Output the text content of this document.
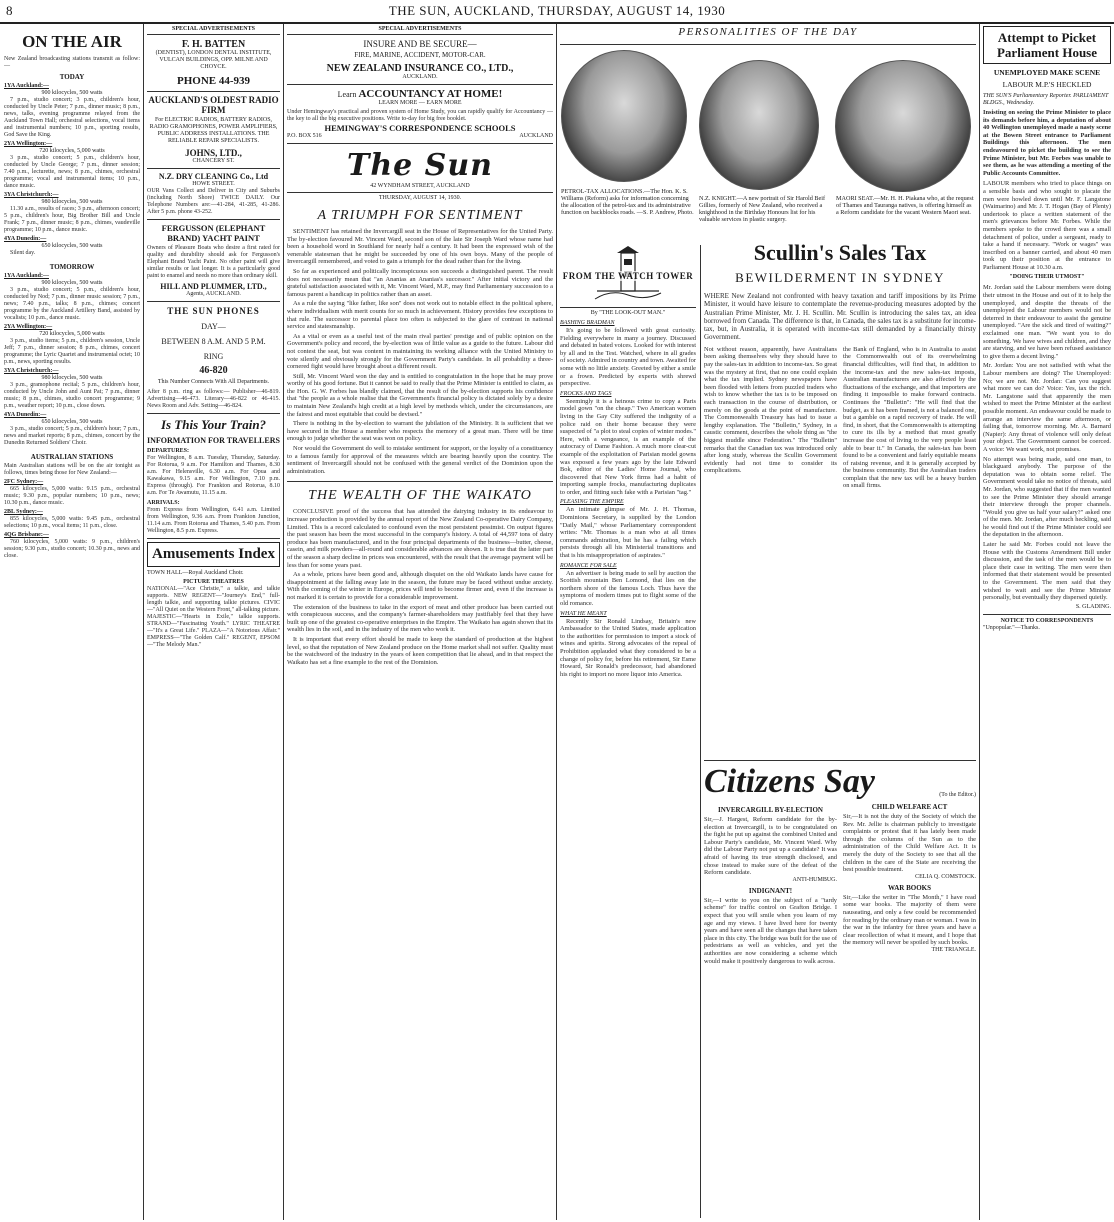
8	THE SUN, AUCKLAND, THURSDAY, AUGUST 14, 1930
ON THE AIR
New Zealand broadcasting stations transmit as follow:—
TODAY
1YA Auckland:—
900 kilocycles, 500 watts

7 p.m., studio concert; 3 p.m., children's hour, conducted by Uncle Peter; 7 p.m., dinner music; 8 p.m., news, talks, evening programme relayed from the Auckland Town Hall; orchestral selections, vocal items and instrumental numbers; 10 p.m., sporting results, God Save the King.

2YA Wellington:—
720 kilocycles, 5,000 watts

3 p.m., studio concert; 5 p.m., children's hour, conducted by Uncle George; 7 p.m., dinner session; 7.40 p.m., lecturette, news; 8 p.m., chimes, orchestral programme; vocal and instrumental items; 10 p.m., dance music.

3YA Christchurch:—
980 kilocycles, 500 watts

11.30 a.m., results of races; 3 p.m., afternoon concert; 5 p.m., children's hour, Big Brother Bill and Uncle Frank; 7 p.m., dinner music; 8 p.m., chimes, vaudeville programme; 10 p.m., dance music.

4YA Dunedin:—
650 kilocycles, 500 watts

Silent day.

TOMORROW
1YA Auckland:—
900 kilocycles, 500 watts

3 p.m., studio concert; 5 p.m., children's hour, conducted by Nod; 7 p.m., dinner music session; 7 p.m., news; 7.40 p.m., talks; 8 p.m., chimes; concert programme by the Auckland Artillery Band, assisted by vocalists; 10 p.m., dance music.

2YA Wellington:—
720 kilocycles, 5,000 watts

3 p.m., studio items; 5 p.m., children's session, Uncle Jeff; 7 p.m., dinner session; 8 p.m., chimes, concert programme; the Lyric Quartet and instrumental octet; 10 p.m., news, sporting results.

3YA Christchurch:—
980 kilocycles, 500 watts

3 p.m., gramophone recital; 5 p.m., children's hour, conducted by Uncle John and Aunt Pat; 7 p.m., dinner music; 8 p.m., chimes, studio concert programme; 9 p.m., weather report; 10 p.m., close down.

4YA Dunedin:—
650 kilocycles, 500 watts

3 p.m., studio concert; 5 p.m., children's hour; 7 p.m., news and market reports; 8 p.m., chimes, concert by the Dunedin Returned Soldiers' Choir.

AUSTRALIAN STATIONS
Main Australian stations will be on the air tonight as follows, times being those for New Zealand:—
2FC Sydney:—

665 kilocycles, 5,000 watts: 9.15 p.m., orchestral music; 9.30 p.m., popular numbers; 10 p.m., news; 10.30 p.m., dance music.

2BL Sydney:—

855 kilocycles, 5,000 watts: 9.45 p.m., orchestral selections; 10 p.m., vocal items; 11 p.m., close.

4QG Brisbane:—

760 kilocycles, 5,000 watts: 9 p.m., children's session; 9.30 p.m., studio concert; 10.30 p.m., news and close.

SPECIAL ADVERTISEMENTS
F. H. BATTEN
(DENTIST), LONDON DENTAL INSTITUTE, VULCAN BUILDINGS, OPP. MILNE AND CHOYCE.
PHONE 44-939
AUCKLAND'S OLDEST RADIO FIRM
For ELECTRIC RADIOS, BATTERY RADIOS, RADIO GRAMOPHONES, POWER AMPLIFIERS, PUBLIC ADDRESS INSTALLATIONS. THE RELIABLE REPAIR SPECIALISTS.
JOHNS, LTD.,
CHANCERY ST.
N.Z. DRY CLEANING Co., Ltd
HOWE STREET.
OUR Vans Collect and Deliver in City and Suburbs (including North Shore) TWICE DAILY. Our Telephone Numbers are:—41-284, 41-285, 41-286. After 5 p.m. phone 43-252.
FERGUSSON (ELEPHANT BRAND) YACHT PAINT
Owners of Pleasure Boats who desire a first rated for quality and durability should ask for Fergusson's Elephant Brand Yacht Paint. No other paint will give similar results or last longer. It is a particularly good paint to enamel and needs no more than ordinary skill.
HILL AND PLUMMER, LTD.,
Agents, AUCKLAND.
THE SUN PHONES
DAY—
BETWEEN 8 A.M. AND 5 P.M.
RING
46-820
This Number Connects With All Departments.
After 8 p.m. ring as follows:— Publisher—46-819. Advertising—46-473. Literary—46-822 or 46-415. News Room and Adv. Setting—46-824.
Is This Your Train?
INFORMATION FOR TRAVELLERS
DEPARTURES:
For Wellington, 8 a.m. Tuesday, Thursday, Saturday. For Rotorua, 9 a.m. For Hamilton and Thames, 8.30 a.m. For Helensville, 6.30 a.m. For Opua and Kawakawa, 9.15 a.m. For Wellington, 7.10 p.m. Express (through). For Frankton and Rotorua, 8.10 a.m. For Te Awamutu, 11.15 a.m.
ARRIVALS:
From Express from Wellington, 6.41 a.m. Limited from Wellington, 9.36 a.m. From Frankton Junction, 11.14 a.m. From Rotorua and Thames, 5.40 p.m. From Wellington, 8.5 p.m. Express.
Amusements Index
TOWN HALL—Royal Auckland Choir.
PICTURE THEATRES
NATIONAL—"Ace Christie," a talkie, and talkie supports. NEW REGENT—"Journey's End," full-length talkie, and supporting talkie pictures. CIVIC—"All Quiet on the Western Front," all-talking picture. MAJESTIC—"Hearts in Exile," talkie supports. STRAND—"Fascinating Youth." LYRIC THEATRE—"It's a Great Life." PLAZA—"A Notorious Affair." EMPRESS—"The Golden Calf." REGENT, EPSOM—"The Melody Man."
SPECIAL ADVERTISEMENTS
INSURE AND BE SECURE—
FIRE, MARINE, ACCIDENT, MOTOR-CAR.
NEW ZEALAND INSURANCE CO., LTD.,
AUCKLAND.
Learn ACCOUNTANCY AT HOME!
LEARN MORE — EARN MORE
Under Hemingway's practical and proven system of Home Study, you can rapidly qualify for Accountancy — the key to all the big executive positions. Write to-day for big free booklet.
HEMINGWAY'S CORRESPONDENCE SCHOOLS
P.O. BOX 516	AUCKLAND
The Sun
42 WYNDHAM STREET, AUCKLAND
THURSDAY, AUGUST 14, 1930.
A TRIUMPH FOR SENTIMENT

SENTIMENT has retained the Invercargill seat in the House of Representatives for the United Party. The by-election favoured Mr. Vincent Ward, second son of the late Sir Joseph Ward whose name had been a household word in Southland for nearly half a century. It had been the expressed wish of the venerable statesman that he might be succeeded by one of his own boys. Many of the people of Invercargill remembered, and voted to gain a triumph for the dead rather than for the living.

So far as experienced and politically inconspicuous son succeeds a distinguished parent. The result does not necessarily mean that "an Ananias an Ananias's successor." After initial victory and the grateful satisfaction associated with it, Mr. Vincent Ward, M.P., may find Parliamentary succession to a famous parent a handicap in politics rather than an asset.

As a rule the saying "like father, like son" does not work out to notable effect in the political sphere, where individualism with merit counts for so much in achievement. History provides few exceptions to that rule. The successor to parental place too often is subjected to the glare of contrast in national service and statesmanship.

As a vital or even as a useful test of the main rival parties' prestige and of public opinion on the Government's policy and record, the by-election was of little value as a guide to the future. Labour did not contest the seat, but was content in maintaining its working alliance with the United Ministry to vote silently and obviously strongly for the Government Party's candidate. In all probability a three-cornered fight would have brought about a different result.

Still, Mr. Vincent Ward won the day and is entitled to congratulation in the hope that he may prove worthy of his good fortune. But it cannot be said to really that the Prime Minister is entitled to claim, as the Hon. G. W. Forbes has blandly claimed, that the result of the by-election supports his confidence that "the people as a whole realise that the Government's financial policy is dictated solely by a desire to maintain New Zealand's high credit at a high level by methods which, under the circumstances, are the fairest and most equitable that could be devised."

There is nothing in the by-election to warrant the jubilation of the Ministry. It is sufficient that we have secured in the House a member who respects the memory of a great man. There will be time enough to judge whether the seat was won on policy.

Nor would the Government do well to mistake sentiment for support, or the loyalty of a constituency to a famous family for approval of the measures which are bearing heavily upon the country. The sentiment of Invercargill should not be confused with the general verdict of the Dominion upon the administration.

THE WEALTH OF THE WAIKATO

CONCLUSIVE proof of the success that has attended the dairying industry in its endeavour to increase production is provided by the annual report of the New Zealand Co-operative Dairy Company, Limited. This is a record calculated to confound even the most persistent pessimist. On output figures the past season has been the most successful in the company's history. A total of 44,597 tons of dairy produce has been manufactured, and in the four principal departments of the business—butter, cheese, casein, and milk powders—all-round and considerable advances are shown. It is true that the latter part of the season a sharp decline in prices was encountered, with the result that the average payment will be less than for some years past.

As a whole, prices have been good and, although disquiet on the old Waikato lands have cause for disappointment at the falling away late in the season, the future may be faced without undue anxiety. With the coming of the winter in Europe, prices will tend to become firmer and, even if the increase is not marked it is certain to provide for a considerable improvement.

The extension of the business to take in the export of meat and other produce has been carried out with conspicuous success, and the company's farmer-shareholders may justifiably feel that they have built up one of the greatest co-operative enterprises in the Empire. The Waikato has again shown that its wealth lies in the soil, and in the industry of the men who work it.

It is important that every effort should be made to keep the standard of production at the highest level, so that the reputation of New Zealand produce on the Home market shall not suffer. Quality must be the watchword of the industry in the years of keen competition that lie ahead, and in that respect the Waikato has set a fine example to the rest of the Dominion.

PERSONALITIES OF THE DAY
PETROL-TAX ALLOCATIONS.—The Hon. K. S. Williams (Reform) asks for information concerning the allocation of the petrol-tax and its administrative function on backblocks roads. —S. P. Andrew, Photo.
N.Z. KNIGHT.—A new portrait of Sir Harold Beif Gillies, formerly of New Zealand, who received a knighthood in the Birthday Honours list for his valuable services in plastic surgery.
MAORI SEAT.—Mr. H. H. Piakana who, at the request of Thames and Tauranga natives, is offering himself as a Reform candidate for the vacant Western Maori seat.
FROM THE WATCH TOWER
By "THE LOOK-OUT MAN."
BASHING BRADMAN

It's going to be followed with great curiosity. Fielding everywhere in many a journey. Discussed and debated in bated voices. Looked for with interest by all and in the Test. Watched, where in all grades of society. Admired in country and town. Awaited for some with no little anxiety. Greeted by either a smile or a frown. Predicted by experts with shrewd perspective.

FROCKS AND TAGS

Seemingly it is a heinous crime to copy a Paris model gown "on the cheap." Two American women living in the Gay City suffered the indignity of a police raid on their home because they were suspected of "a plot to steal copies of winter modes." Here, with a vengeance, is an example of the autocracy of Dame Fashion. A much more clear-cut example of the exploitation of Parisian model gowns was exposed a few years ago by the late Edward Bok, editor of the Ladies' Home Journal, who discovered that New York firms had a habit of importing sample frocks, manufacturing duplicates to order, and fitting such fake with a Parisian "tag."

PLEASING THE EMPIRE

An intimate glimpse of Mr. J. H. Thomas, Dominions Secretary, is supplied by the London "Daily Mail," whose Parliamentary correspondent writes: "Mr. Thomas is a man who at all times commands admiration, but he has a failing which persists through all his Ministerial transitions and that is his misappropriation of aspirates."

ROMANCE FOR SALE

An advertiser is being made to sell by auction the Scottish mountain Ben Lomond, that lies on the northern shore of the famous Loch. Thus have the symptoms of modern times put to flight some of the old romance.

WHAT HE MEANT

Recently Sir Ronald Lindsay, Britain's new Ambassador to the United States, made application to the authorities for permission to import a stock of wines and spirits. Strong advocates of the repeal of Prohibition applauded what they considered to be a change of policy for, before his retirement, Sir Esme Howard, Sir Ronald's predecessor, had abandoned his right to import no more liquor into America.

Scullin's Sales Tax
BEWILDERMENT IN SYDNEY
WHERE New Zealand not confronted with heavy taxation and tariff impositions by its Prime Minister, it would have leisure to contemplate the revenue-producing measures adopted by the Australian Prime Minister, Mr. J. H. Scullin. Mr. Scullin is introducing the sales tax, an idea borrowed from Canada. The difference is that, in Canada, the sales tax is a substitute for income-tax, but, in Australia, it is operated with income-tax still demanded by a financially thirsty Government.
Not without reason, apparently, have Australians been asking themselves why they should have to pay the sales-tax in addition to income-tax. So great was the mystery at first, that no one could explain what the tax implied. Sydney newspapers have been flooded with letters from puzzled traders who wish to know whether the tax is to be imposed on each transaction in the course of distribution, or merely on the goods at the point of manufacture. The Commonwealth Treasury has had to issue a lengthy explanation. The "Bulletin," Sydney, in a caustic comment, describes the whole thing as "the biggest muddle since Federation." The "Bulletin" remarks that the Canadian tax was introduced only after long study, whereas the Scullin Government evidently had not time to consider its complications.
the Bank of England, who is in Australia to assist the Commonwealth out of its overwhelming financial difficulties, will find that, in addition to the income-tax and the new sales-tax imposts, Australian manufacturers are also affected by the fluctuations of the exchange, and that importers are finding it impossible to make forward contracts. Continues the "Bulletin": "He will find that the budget, as it has been framed, is not a balanced one, but a gamble on a rapid recovery of trade. He will find, in short, that the Commonwealth is attempting to cure its ills by a method that must greatly increase the cost of living to the very people least able to bear it." In Canada, the sales-tax has been found to be a convenient and fairly equitable means of raising revenue, and it is generally accepted by the business community. But the Australian traders complain that the new tax will be a heavy burden on small firms.
Citizens Say	(To the Editor.)
INVERCARGILL BY-ELECTION
Sir,—J. Hargest, Reform candidate for the by-election at Invercargill, is to be congratulated on the fight he put up against the combined United and Labour Party's candidate, Mr. Vincent Ward. Why did the Labour Party not put up a candidate? It was afraid of having its true strength disclosed, and chose instead to make sure of the defeat of the Reform candidate.
ANTI-HUMBUG.
INDIGNANT!
Sir,—I write to you on the subject of a "tardy scheme" for traffic control on Grafton Bridge. I expect that you will smile when you learn of my age and my views. I have lived here for twenty years and have seen all the changes that have taken place in this city. The bridge was built for the use of pedestrians as well as vehicles, and yet the authorities are now considering a scheme which would make it positively dangerous to walk across.
CHILD WELFARE ACT
Sir,—It is not the duty of the Society of which the Rev. Mr. Jellie is chairman publicly to investigate complaints or protest that it has lately been made through the columns of the Sun as to the administration of the Child Welfare Act. It is merely the duty of the Society to see that all the children in the care of the State are receiving the best possible treatment.
CELIA Q. COMSTOCK.
WAR BOOKS
Sir,—Like the writer in "The Month," I have read some war books. The majority of them were nauseating, and only a few could be recommended for reading by the ordinary man or woman. I was in the war in the infantry for three years and have a clear recollection of what it meant, and I hope that the memory will never be spoiled by such books.
THE TRIANGLE.
Attempt to Picket Parliament House
UNEMPLOYED MAKE SCENE
LABOUR M.P.'S HECKLED
THE SUN'S Parliamentary Reporter. PARLIAMENT BLDGS., Wednesday.
Insisting on seeing the Prime Minister to place its demands before him, a deputation of about 40 Wellington unemployed made a nasty scene at the Bowen Street entrance to Parliament Buildings this afternoon. The men endeavoured to picket the building to see the Prime Minister, but Mr. Forbes was unable to see them, as he was attending a meeting of the Public Accounts Committee.
LABOUR members who tried to place things on a sensible basis and who sought to placate the men were howled down until Mr. F. Langstone (Waimarino) and Mr. J. T. Hogan (Bay of Plenty) undertook to place a written statement of the men's grievances before Mr. Forbes. While the members spoke to the crowd there was a small detachment of police, under a sergeant, ready to take a hand if necessary. "Work or wages" was inscribed on a banner carried, and about 40 men took up their position at the entrance to Parliament House at 10.30 a.m.
"DOING THEIR UTMOST"
Mr. Jordan said the Labour members were doing their utmost in the House and out of it to help the unemployed, and despite the threats of the unemployed the Labour members would not be deterred in their endeavour to assist the genuine unemployed. "Are the sick and tired of waiting?" exclaimed one man. "We want you to do something. We have wives and children, and they are starving, and we have been refused assistance to give them a decent living."
Mr. Jordan: You are not satisfied with what the Labour members are doing? The Unemployed: No; we are not. Mr. Jordan: Can you suggest what more we can do? Voice: Yes, tax the rich. Mr. Langstone said that apparently the men wished to meet the Prime Minister at the earliest possible moment. An endeavour could be made to arrange an interview the same afternoon, or failing that, tomorrow morning. Mr. A. Barnard (Napier): Any threat of violence will only defeat your object. The Government cannot be coerced. A voice: We want work, not promises.
No attempt was being made, said one man, to blackguard anybody. The purpose of the deputation was to obtain some relief. The Government would take no notice of threats, said Mr. Jordan, who suggested that if the men wanted to see the Prime Minister they should arrange their interview through the proper channels. "Would you give us half your salary?" asked one of the men. Mr. Jordan, after much heckling, said he would find out if the Prime Minister could see the deputation in the afternoon.
Later he said Mr. Forbes could not leave the House with the Customs Amendment Bill under discussion, and the task of the men would be to place their case in writing. The men were then informed that their statement would be presented to the Government. The men said that they wished to wait and see the Prime Minister personally, but eventually they dispersed quietly.
S. GLADING.
NOTICE TO CORRESPONDENTS
"Unpopular."—Thanks.
